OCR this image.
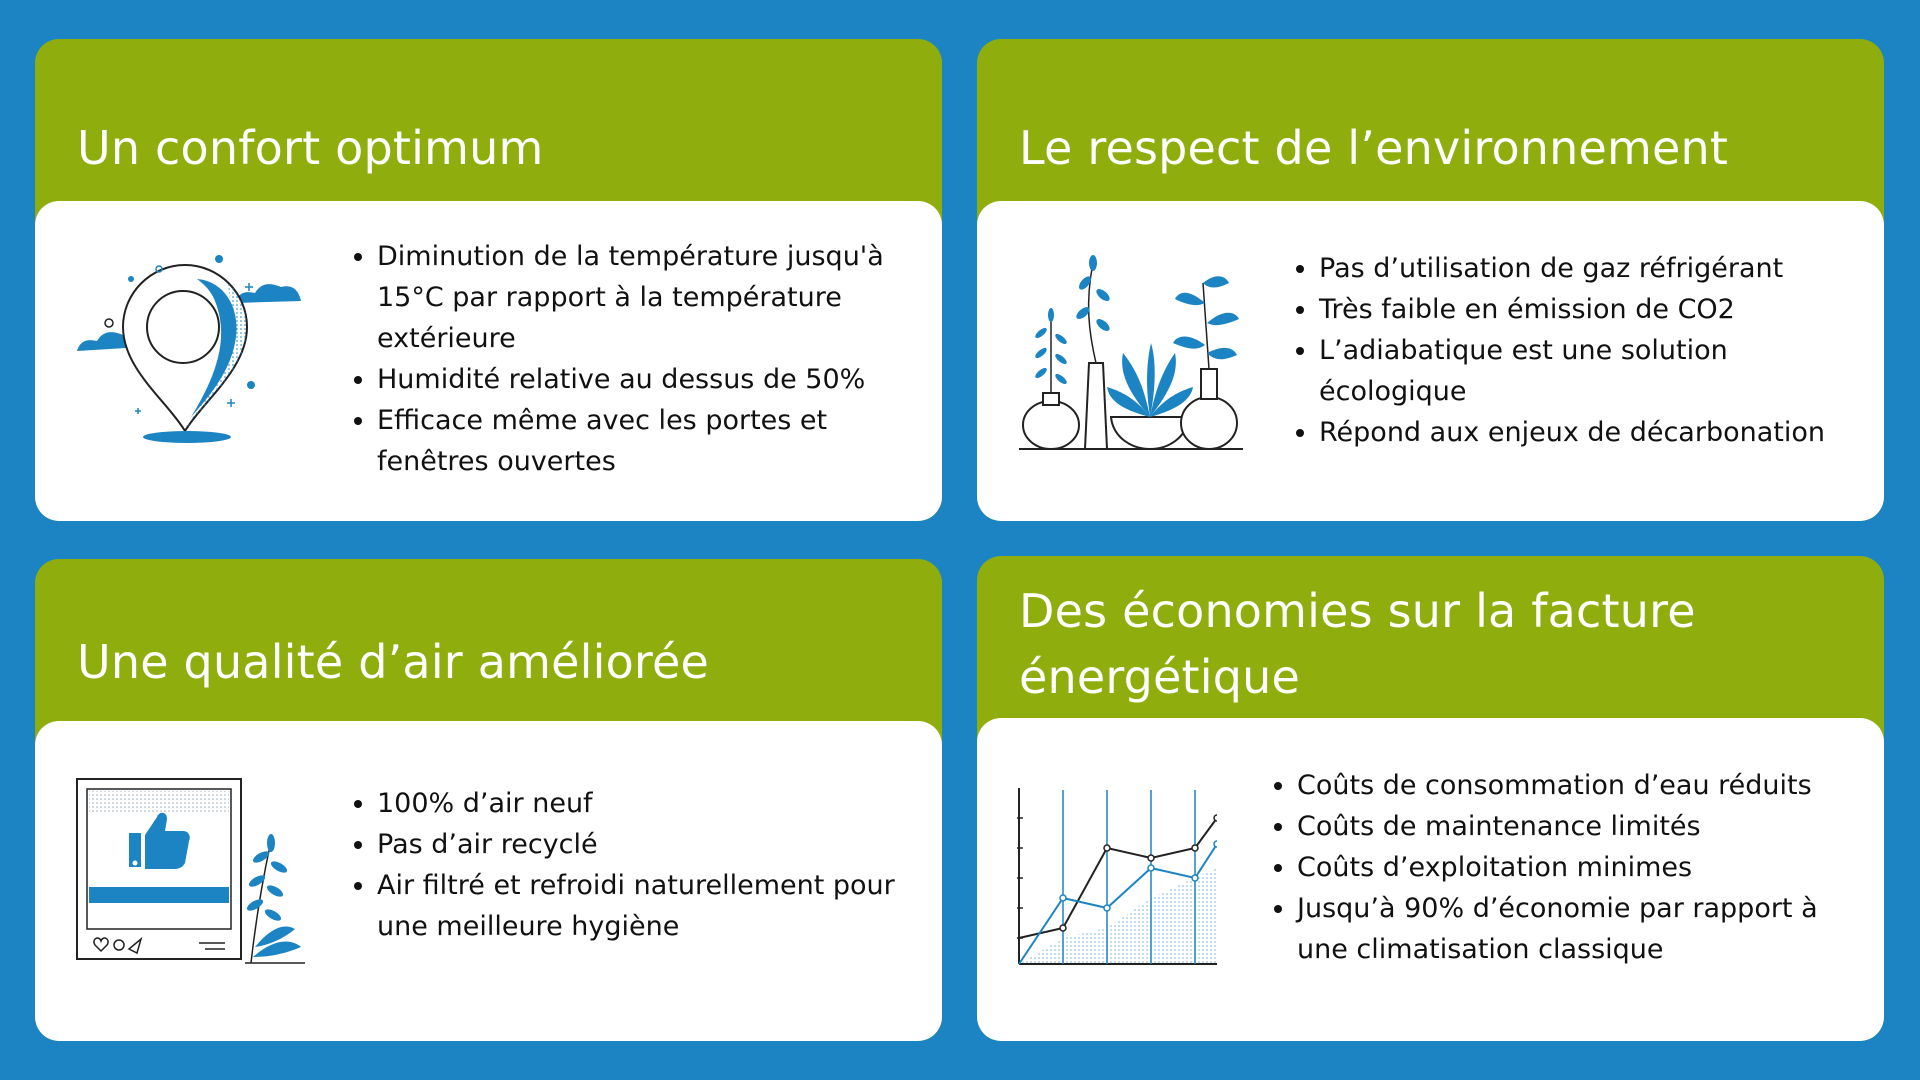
Un confort optimum
Diminution de la température jusqu'à 15°C par rapport à la température extérieure
Humidité relative au dessus de 50%
Efficace même avec les portes et fenêtres ouvertes
Le respect de l’environnement
Pas d’utilisation de gaz réfrigérant
Très faible en émission de CO2
L’adiabatique est une solution écologique
Répond aux enjeux de décarbonation
Une qualité d’air améliorée
100% d’air neuf
Pas d’air recyclé
Air filtré et refroidi naturellement pour une meilleure hygiène
Des économies sur la facture énergétique
Coûts de consommation d’eau réduits
Coûts de maintenance limités
Coûts d’exploitation minimes
Jusqu’à 90% d’économie par rapport à une climatisation classique
